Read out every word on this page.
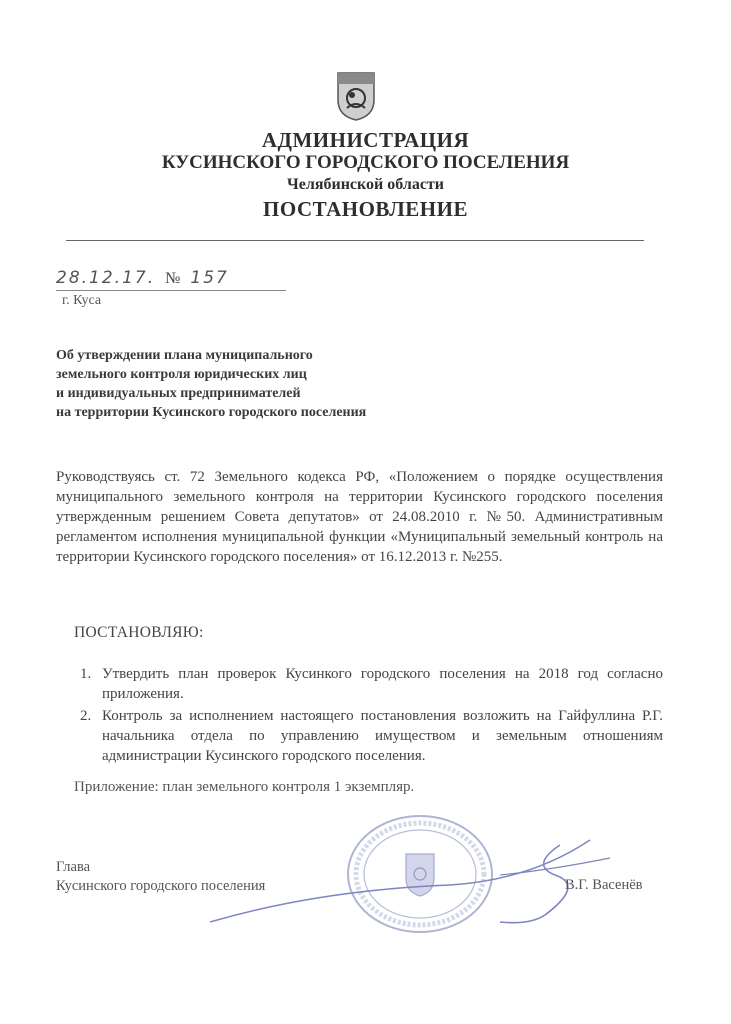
АДМИНИСТРАЦИЯ
КУСИНСКОГО ГОРОДСКОГО ПОСЕЛЕНИЯ
Челябинской области
ПОСТАНОВЛЕНИЕ
28.12.17. № 157
г. Куса
Об утверждении плана муниципального
земельного контроля юридических лиц
и индивидуальных предпринимателей
на территории Кусинского городского поселения
Руководствуясь ст. 72 Земельного кодекса РФ, «Положением о порядке осуществления муниципального земельного контроля на территории Кусинского городского поселения утвержденным решением Совета депутатов» от 24.08.2010 г. №50. Административным регламентом исполнения муниципальной функции «Муниципальный земельный контроль на территории Кусинского городского поселения» от 16.12.2013 г. №255.
ПОСТАНОВЛЯЮ:
1. Утвердить план проверок Кусинкого городского поселения на 2018 год согласно приложения.
2. Контроль за исполнением настоящего постановления возложить на Гайфуллина Р.Г. начальника отдела по управлению имуществом и земельным отношениям администрации Кусинского городского поселения.
Приложение: план земельного контроля 1 экземпляр.
Глава
Кусинского городского поселения	В.Г. Васенёв
